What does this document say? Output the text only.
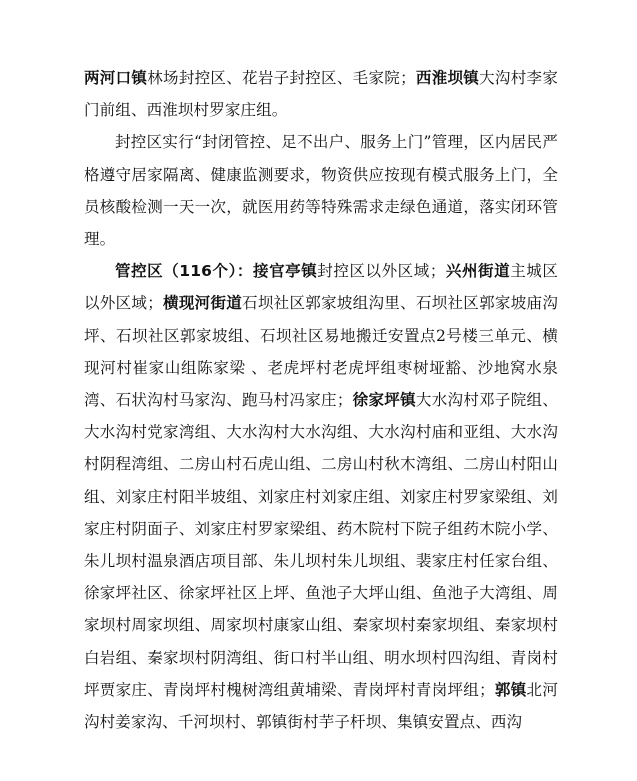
两河口镇林场封控区、花岩子封控区、毛家院；西淮坝镇大沟村李家门前组、西淮坝村罗家庄组。

封控区实行“封闭管控、足不出户、服务上门”管理，区内居民严格遵守居家隔离、健康监测要求，物资供应按现有模式服务上门，全员核酸检测一天一次，就医用药等特殊需求走绿色通道，落实闭环管理。

管控区（116个）：接官亭镇封控区以外区域；兴州街道主城区以外区域；横现河街道石坝社区郭家坡组沟里、石坝社区郭家坡庙沟坪、石坝社区郭家坡组、石坝社区易地搬迁安置点2号楼三单元、横现河村崔家山组陈家梁 、老虎坪村老虎坪组枣树垭豁、沙地窝水泉湾、石状沟村马家沟、跑马村冯家庄；徐家坪镇大水沟村邓子院组、大水沟村党家湾组、大水沟村大水沟组、大水沟村庙和亚组、大水沟村阴程湾组、二房山村石虎山组、二房山村秋木湾组、二房山村阳山组、刘家庄村阳半坡组、刘家庄村刘家庄组、刘家庄村罗家梁组、刘家庄村阴面子、刘家庄村罗家梁组、药木院村下院子组药木院小学、朱儿坝村温泉酒店项目部、朱儿坝村朱儿坝组、裴家庄村任家台组、徐家坪社区、徐家坪社区上坪、鱼池子大坪山组、鱼池子大湾组、周家坝村周家坝组、周家坝村康家山组、秦家坝村秦家坝组、秦家坝村白岩组、秦家坝村阴湾组、街口村半山组、明水坝村四沟组、青岗村坪贾家庄、青岗坪村槐树湾组黄埔梁、青岗坪村青岗坪组；郭镇北河沟村姜家沟、千河坝村、郭镇街村芋子杆坝、集镇安置点、西沟
